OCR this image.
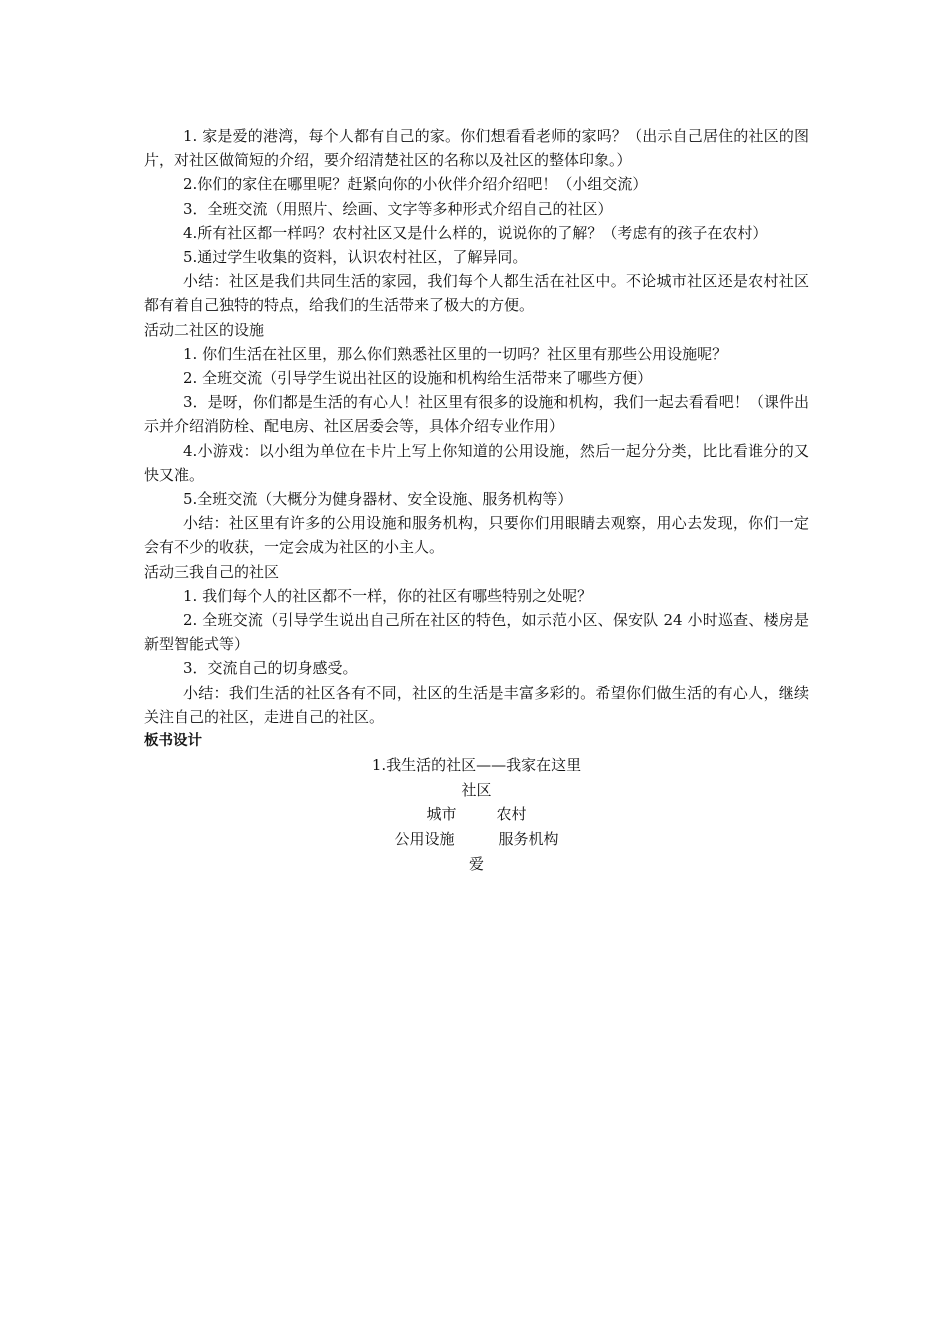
1. 家是爱的港湾，每个人都有自己的家。你们想看看老师的家吗？（出示自己居住的社区的图片，对社区做简短的介绍，要介绍清楚社区的名称以及社区的整体印象。）

2.你们的家住在哪里呢？赶紧向你的小伙伴介绍介绍吧！（小组交流）

3．全班交流（用照片、绘画、文字等多种形式介绍自己的社区）

4.所有社区都一样吗？农村社区又是什么样的，说说你的了解？（考虑有的孩子在农村）

5.通过学生收集的资料，认识农村社区，了解异同。

小结：社区是我们共同生活的家园，我们每个人都生活在社区中。不论城市社区还是农村社区都有着自己独特的特点，给我们的生活带来了极大的方便。

活动二社区的设施

1. 你们生活在社区里，那么你们熟悉社区里的一切吗？社区里有那些公用设施呢？

2. 全班交流（引导学生说出社区的设施和机构给生活带来了哪些方便）

3．是呀，你们都是生活的有心人！社区里有很多的设施和机构，我们一起去看看吧！（课件出示并介绍消防栓、配电房、社区居委会等，具体介绍专业作用）

4.小游戏：以小组为单位在卡片上写上你知道的公用设施，然后一起分分类，比比看谁分的又快又准。

5.全班交流（大概分为健身器材、安全设施、服务机构等）

小结：社区里有许多的公用设施和服务机构，只要你们用眼睛去观察，用心去发现，你们一定会有不少的收获，一定会成为社区的小主人。

活动三我自己的社区

1. 我们每个人的社区都不一样，你的社区有哪些特别之处呢？

2. 全班交流（引导学生说出自己所在社区的特色，如示范小区、保安队 24 小时巡查、楼房是新型智能式等）

3．交流自己的切身感受。

小结：我们生活的社区各有不同，社区的生活是丰富多彩的。希望你们做生活的有心人，继续关注自己的社区，走进自己的社区。

板书设计

1.我生活的社区——我家在这里

社区

城市	农村

公用设施	服务机构

爱
